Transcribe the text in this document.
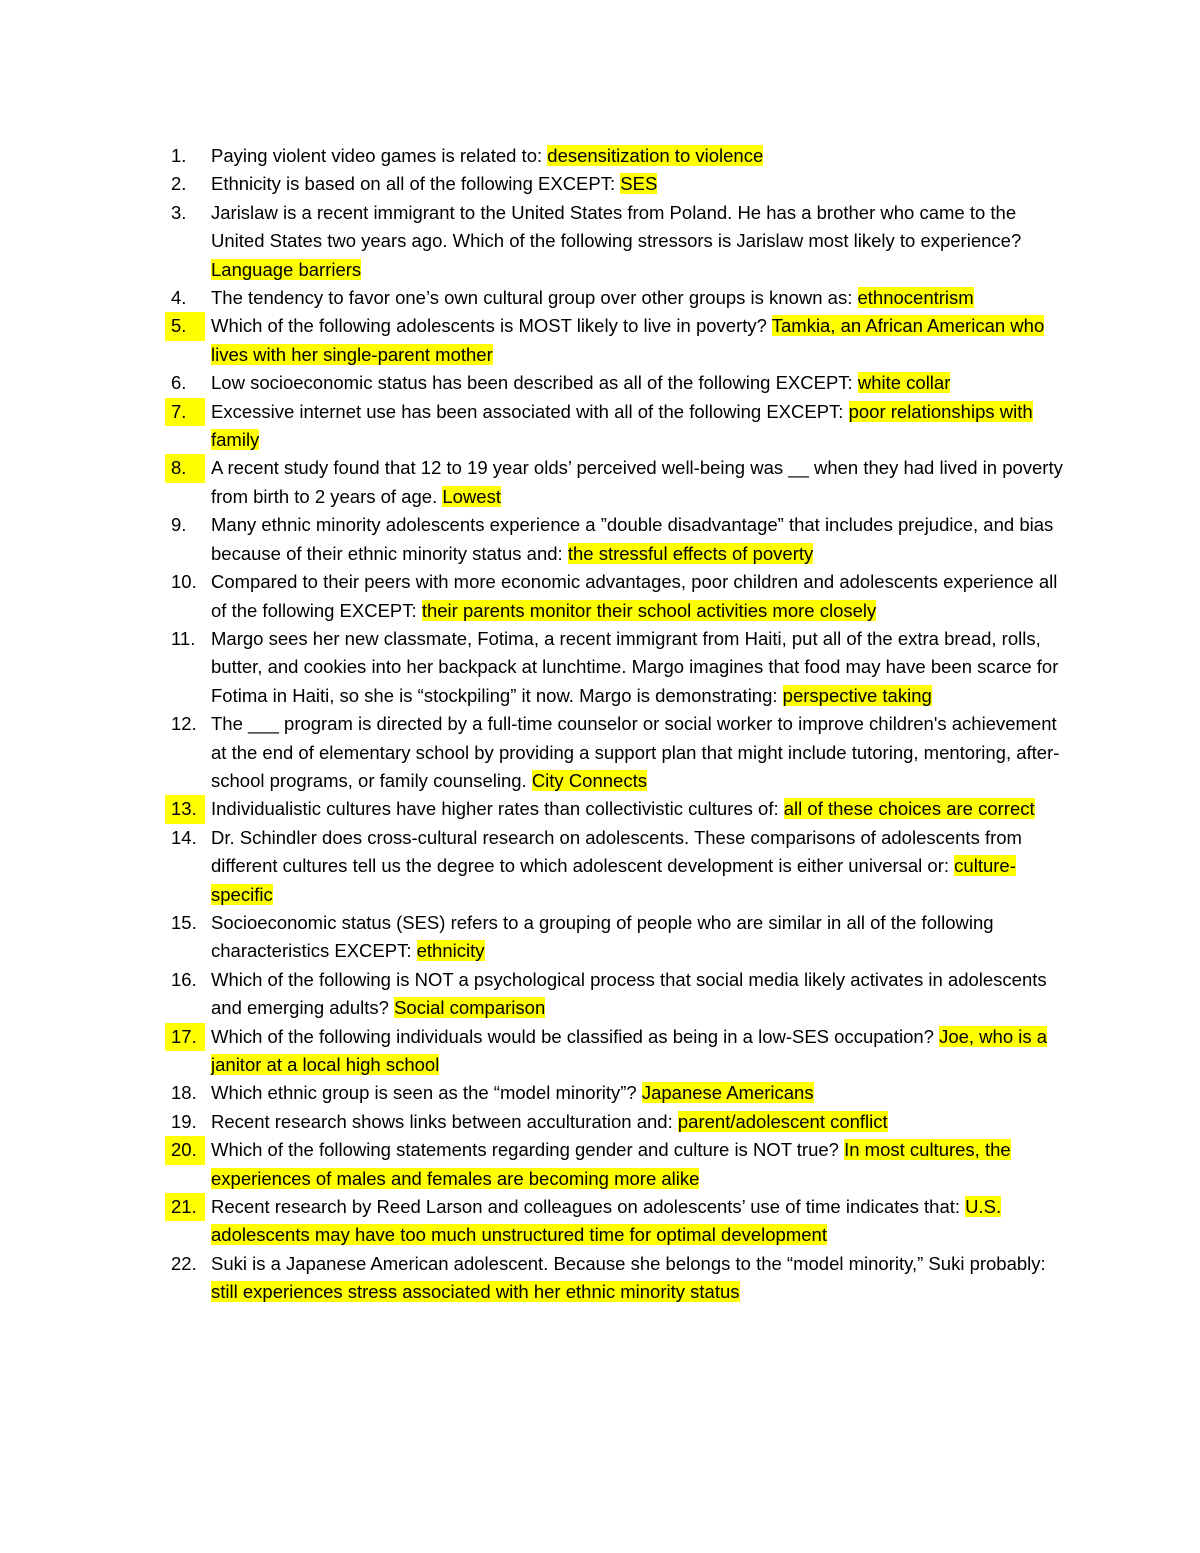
1.	Paying violent video games is related to: desensitization to violence
2.	Ethnicity is based on all of the following EXCEPT: SES
3.	Jarislaw is a recent immigrant to the United States from Poland. He has a brother who came to the United States two years ago. Which of the following stressors is Jarislaw most likely to experience? Language barriers
4.	The tendency to favor one’s own cultural group over other groups is known as: ethnocentrism
5.	Which of the following adolescents is MOST likely to live in poverty? Tamkia, an African American who lives with her single-parent mother
6.	Low socioeconomic status has been described as all of the following EXCEPT: white collar
7.	Excessive internet use has been associated with all of the following EXCEPT: poor relationships with family
8.	A recent study found that 12 to 19 year olds’ perceived well-being was __ when they had lived in poverty from birth to 2 years of age. Lowest
9.	Many ethnic minority adolescents experience a ”double disadvantage” that includes prejudice, and bias because of their ethnic minority status and: the stressful effects of poverty
10. Compared to their peers with more economic advantages, poor children and adolescents experience all of the following EXCEPT: their parents monitor their school activities more closely
11. Margo sees her new classmate, Fotima, a recent immigrant from Haiti, put all of the extra bread, rolls, butter, and cookies into her backpack at lunchtime. Margo imagines that food may have been scarce for Fotima in Haiti, so she is “stockpiling” it now. Margo is demonstrating: perspective taking
12. The ___ program is directed by a full-time counselor or social worker to improve children's achievement at the end of elementary school by providing a support plan that might include tutoring, mentoring, after-school programs, or family counseling. City Connects
13. Individualistic cultures have higher rates than collectivistic cultures of: all of these choices are correct
14. Dr. Schindler does cross-cultural research on adolescents. These comparisons of adolescents from different cultures tell us the degree to which adolescent development is either universal or: culture-specific
15. Socioeconomic status (SES) refers to a grouping of people who are similar in all of the following characteristics EXCEPT: ethnicity
16. Which of the following is NOT a psychological process that social media likely activates in adolescents and emerging adults? Social comparison
17. Which of the following individuals would be classified as being in a low-SES occupation? Joe, who is a janitor at a local high school
18. Which ethnic group is seen as the “model minority”? Japanese Americans
19. Recent research shows links between acculturation and: parent/adolescent conflict
20. Which of the following statements regarding gender and culture is NOT true? In most cultures, the experiences of males and females are becoming more alike
21. Recent research by Reed Larson and colleagues on adolescents’ use of time indicates that: U.S. adolescents may have too much unstructured time for optimal development
22. Suki is a Japanese American adolescent. Because she belongs to the “model minority,” Suki probably: still experiences stress associated with her ethnic minority status
